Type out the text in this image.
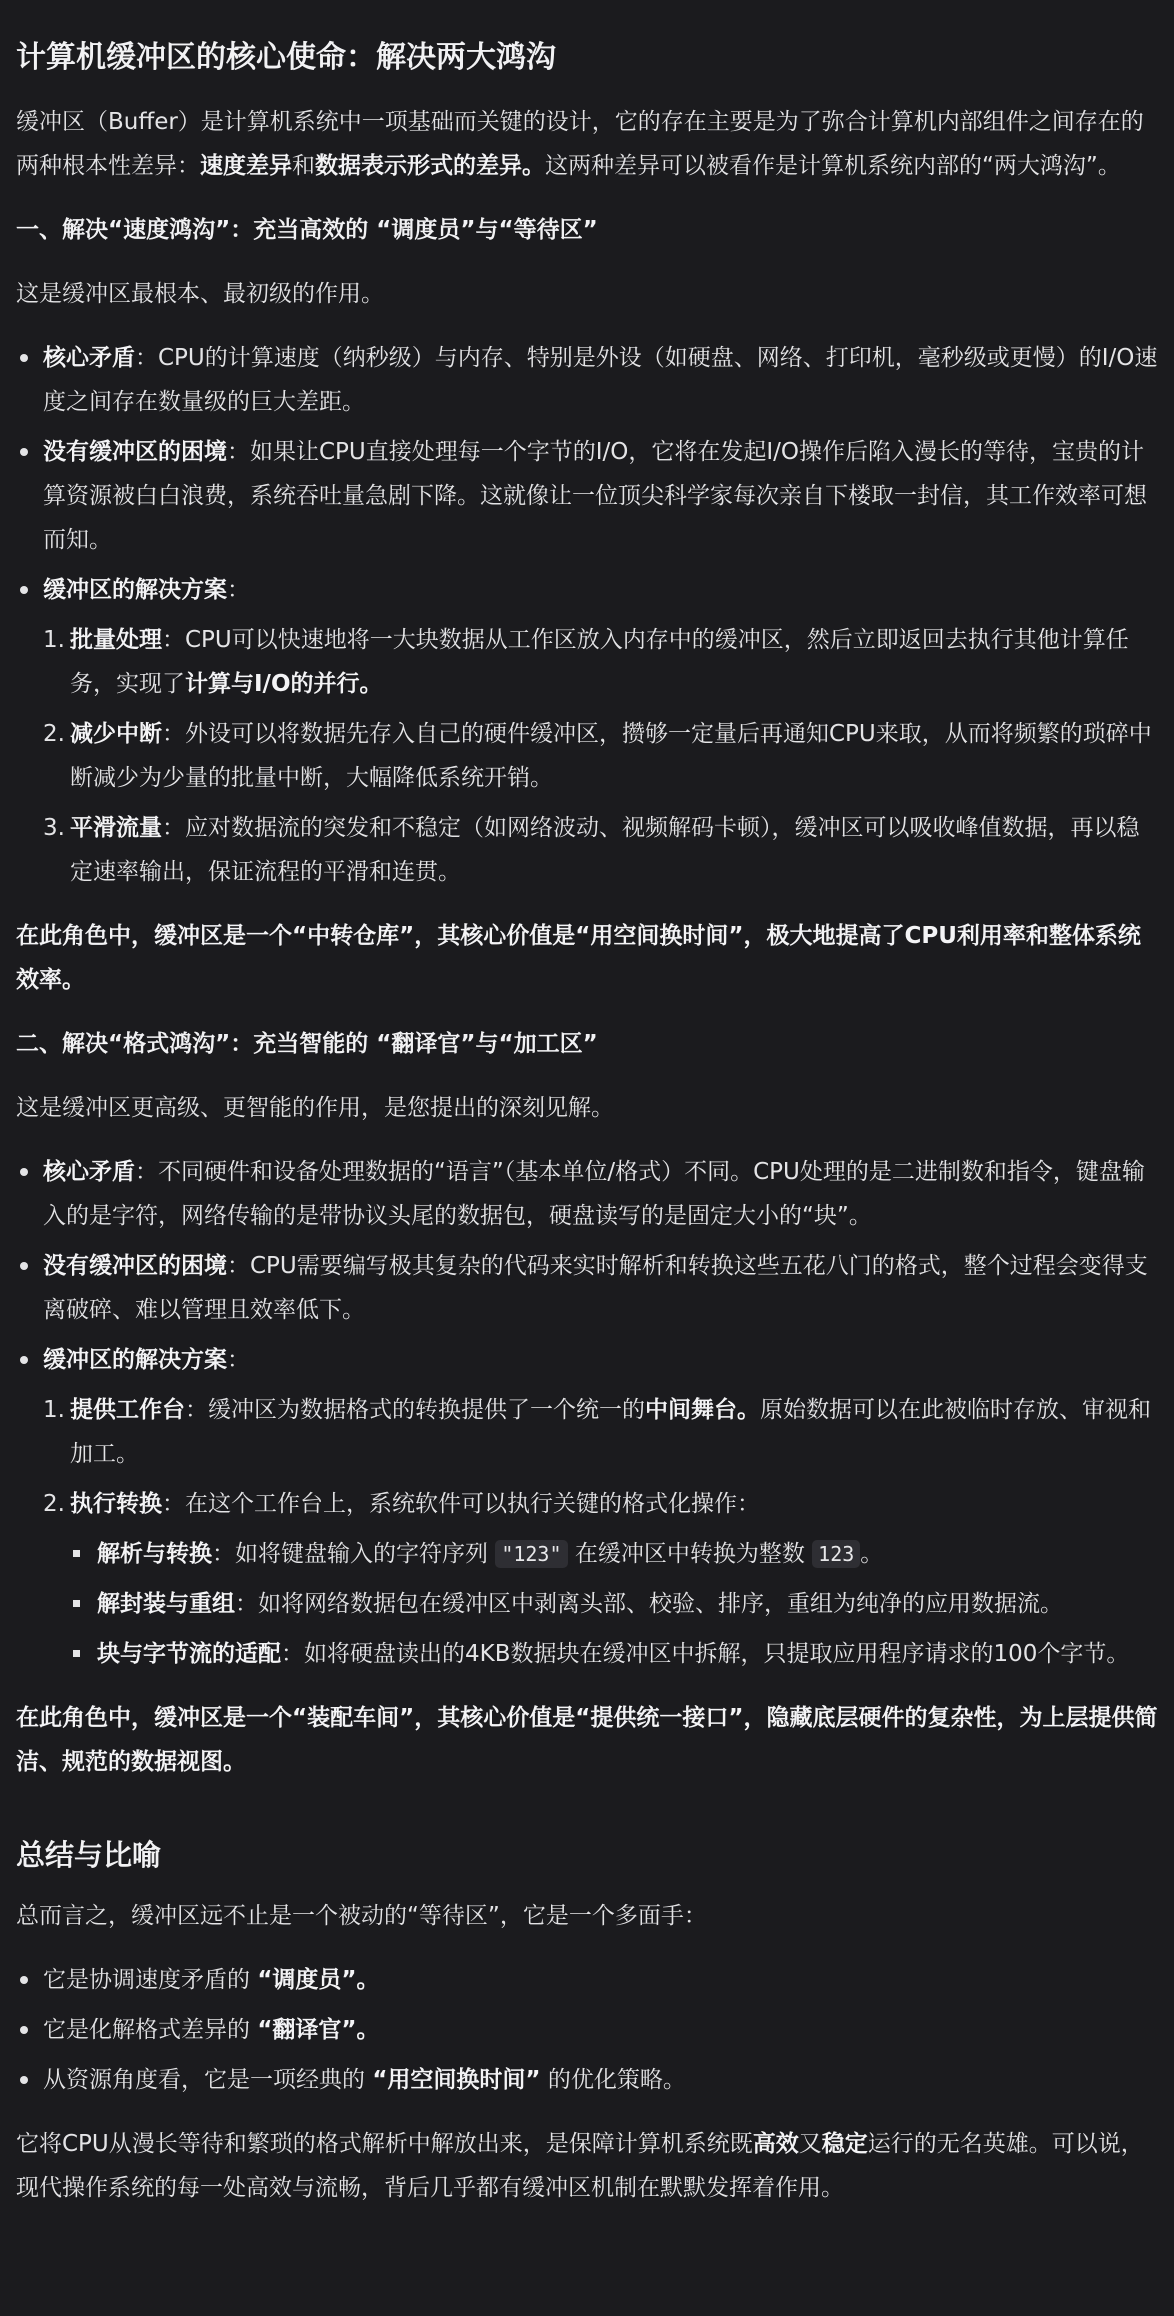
计算机缓冲区的核心使命：解决两大鸿沟

缓冲区（Buffer）是计算机系统中一项基础而关键的设计，它的存在主要是为了弥合计算机内部组件之间存在的两种根本性差异：速度差异和数据表示形式的差异。这两种差异可以被看作是计算机系统内部的“两大鸿沟”。

一、解决“速度鸿沟”：充当高效的 “调度员”与“等待区”

这是缓冲区最根本、最初级的作用。

核心矛盾：CPU的计算速度（纳秒级）与内存、特别是外设（如硬盘、网络、打印机，毫秒级或更慢）的I/O速度之间存在数量级的巨大差距。
没有缓冲区的困境：如果让CPU直接处理每一个字节的I/O，它将在发起I/O操作后陷入漫长的等待，宝贵的计算资源被白白浪费，系统吞吐量急剧下降。这就像让一位顶尖科学家每次亲自下楼取一封信，其工作效率可想而知。
缓冲区的解决方案：
1. 批量处理：CPU可以快速地将一大块数据从工作区放入内存中的缓冲区，然后立即返回去执行其他计算任务，实现了计算与I/O的并行。
2. 减少中断：外设可以将数据先存入自己的硬件缓冲区，攒够一定量后再通知CPU来取，从而将频繁的琐碎中断减少为少量的批量中断，大幅降低系统开销。
3. 平滑流量：应对数据流的突发和不稳定（如网络波动、视频解码卡顿），缓冲区可以吸收峰值数据，再以稳定速率输出，保证流程的平滑和连贯。

在此角色中，缓冲区是一个“中转仓库”，其核心价值是“用空间换时间”，极大地提高了CPU利用率和整体系统效率。

二、解决“格式鸿沟”：充当智能的 “翻译官”与“加工区”

这是缓冲区更高级、更智能的作用，是您提出的深刻见解。

核心矛盾：不同硬件和设备处理数据的“语言”（基本单位/格式）不同。CPU处理的是二进制数和指令，键盘输入的是字符，网络传输的是带协议头尾的数据包，硬盘读写的是固定大小的“块”。
没有缓冲区的困境：CPU需要编写极其复杂的代码来实时解析和转换这些五花八门的格式，整个过程会变得支离破碎、难以管理且效率低下。
缓冲区的解决方案：
1. 提供工作台：缓冲区为数据格式的转换提供了一个统一的中间舞台。原始数据可以在此被临时存放、审视和加工。
2. 执行转换：在这个工作台上，系统软件可以执行关键的格式化操作：
解析与转换：如将键盘输入的字符序列 "123" 在缓冲区中转换为整数 123 。
解封装与重组：如将网络数据包在缓冲区中剥离头部、校验、排序，重组为纯净的应用数据流。
块与字节流的适配：如将硬盘读出的4KB数据块在缓冲区中拆解，只提取应用程序请求的100个字节。

在此角色中，缓冲区是一个“装配车间”，其核心价值是“提供统一接口”，隐藏底层硬件的复杂性，为上层提供简洁、规范的数据视图。

总结与比喻

总而言之，缓冲区远不止是一个被动的“等待区”，它是一个多面手：

它是协调速度矛盾的 “调度员”。
它是化解格式差异的 “翻译官”。
从资源角度看，它是一项经典的 “用空间换时间” 的优化策略。

它将CPU从漫长等待和繁琐的格式解析中解放出来，是保障计算机系统既高效又稳定运行的无名英雄。可以说，现代操作系统的每一处高效与流畅，背后几乎都有缓冲区机制在默默发挥着作用。
